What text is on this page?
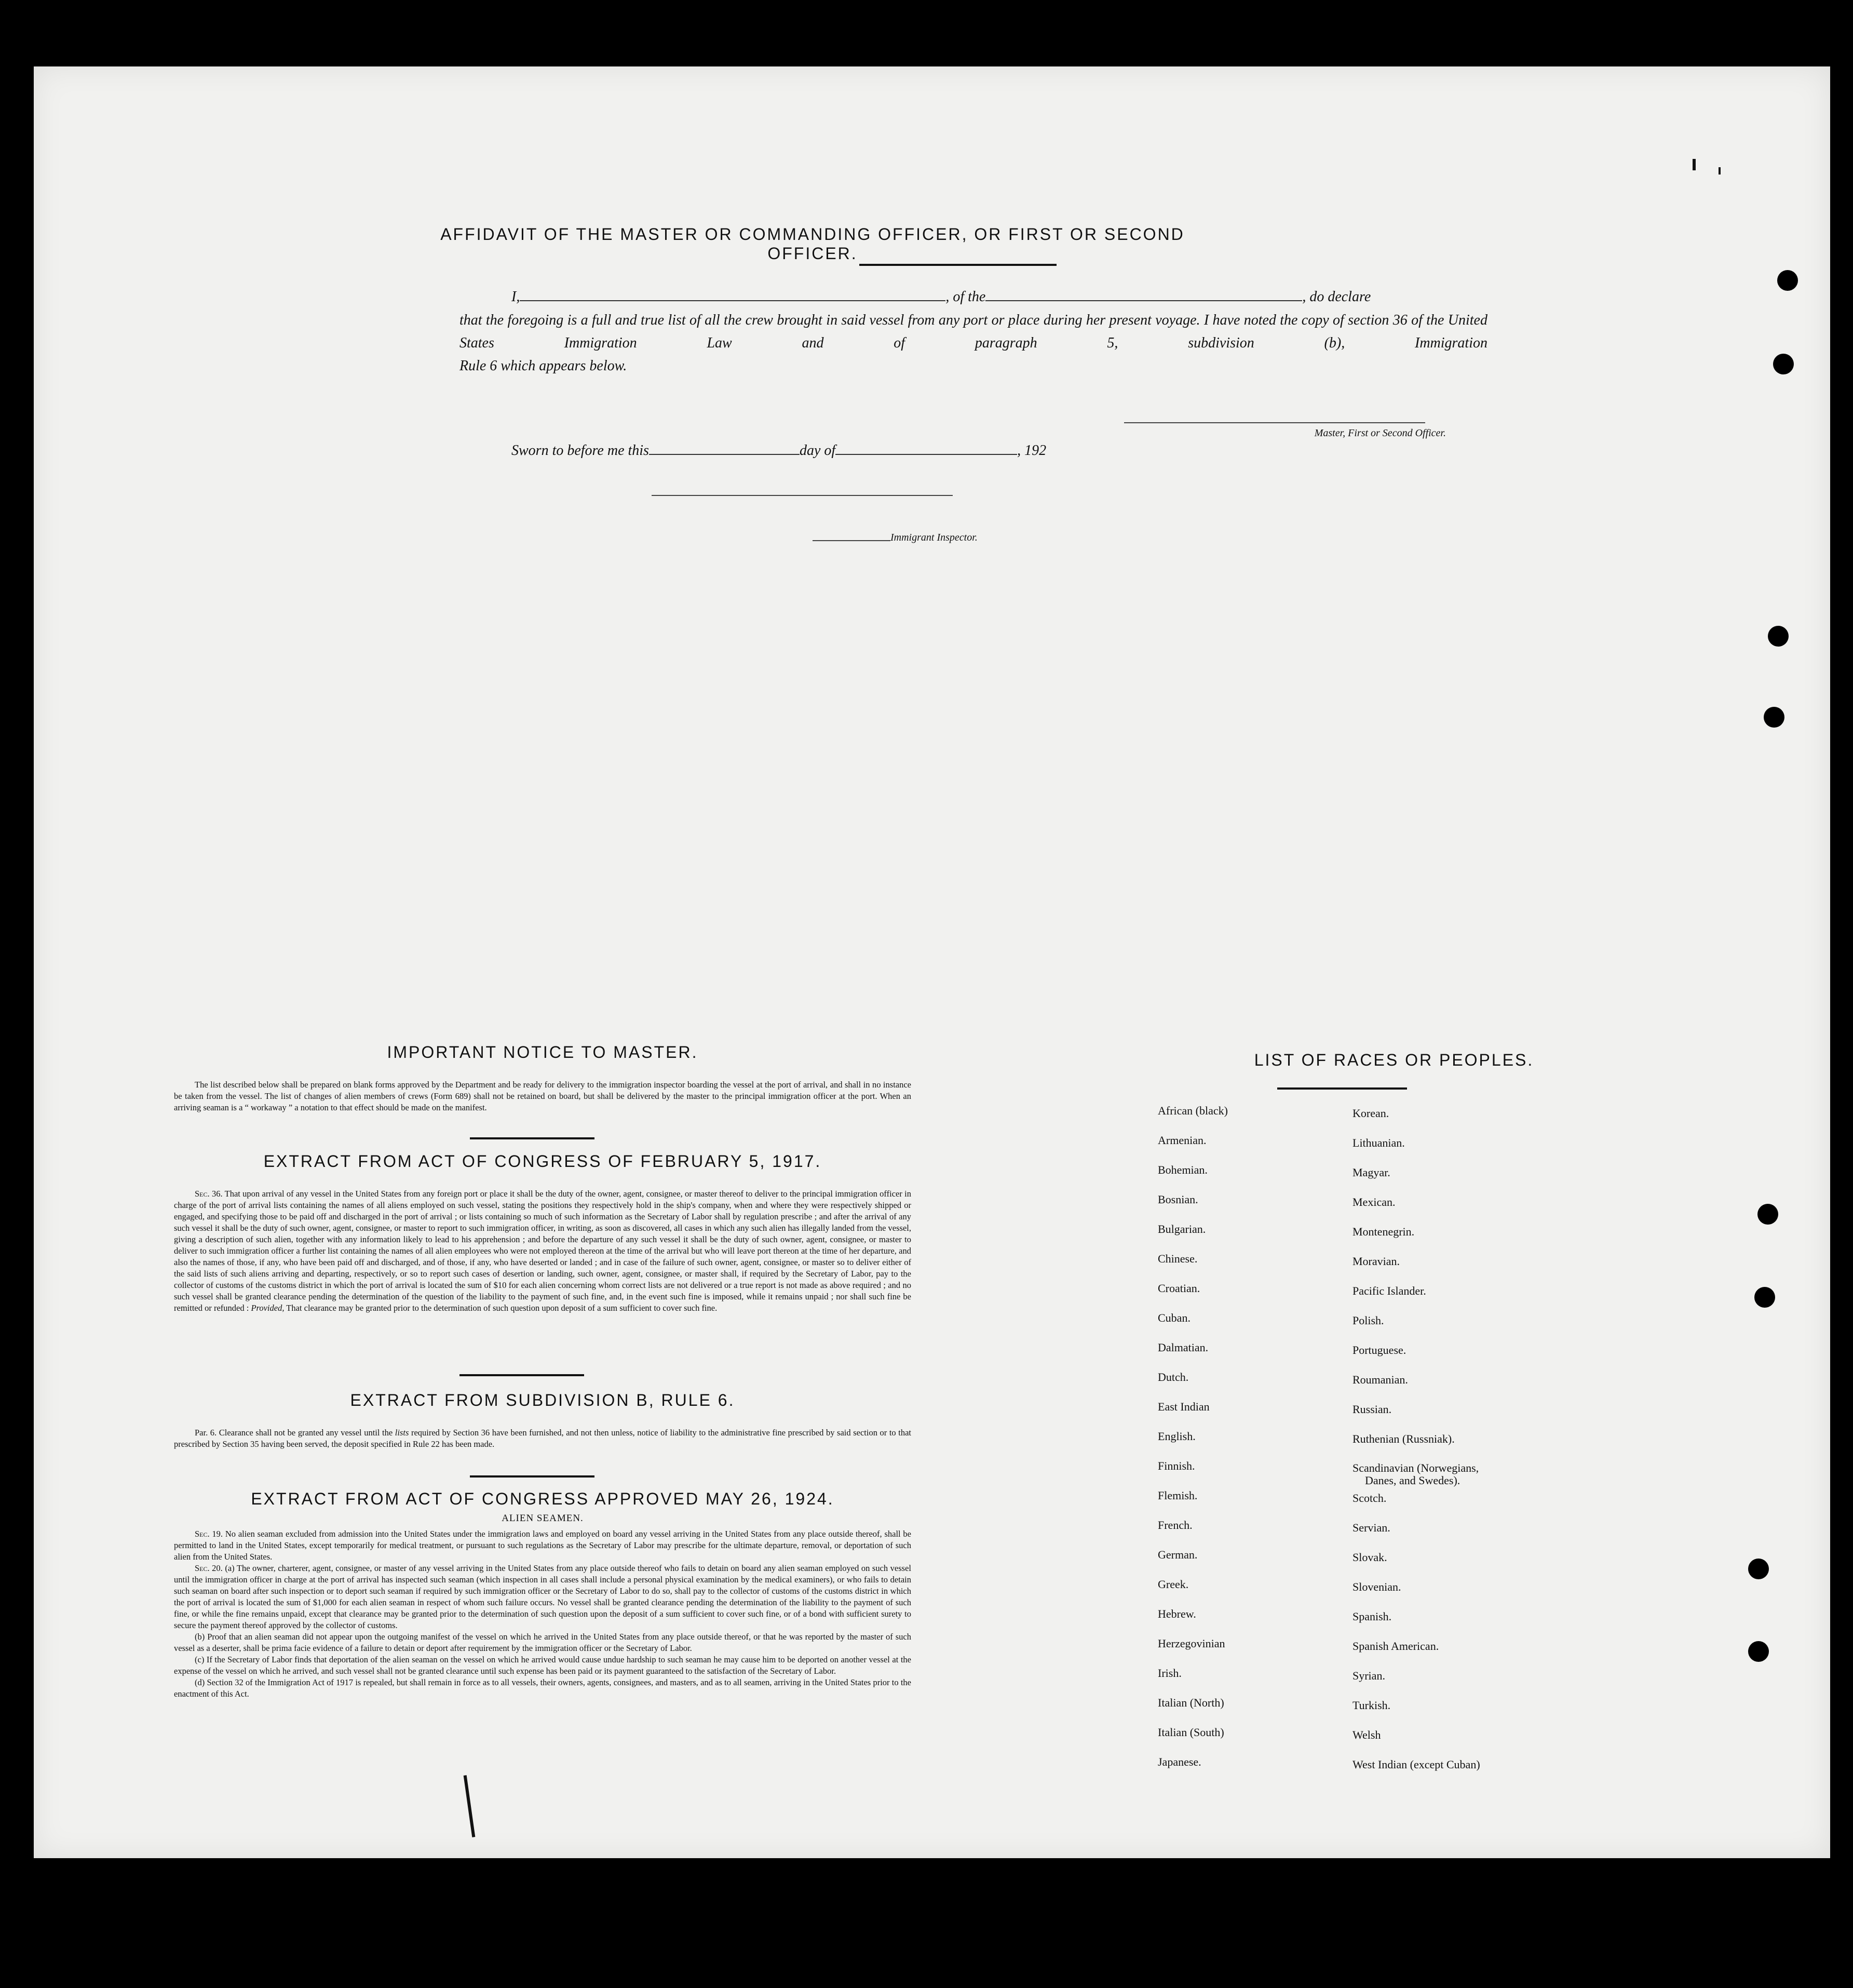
AFFIDAVIT OF THE MASTER OR COMMANDING OFFICER, OR FIRST OR SECOND OFFICER.
I,	, of the	, do declare
that the foregoing is a full and true list of all the crew brought in said vessel from any port or place during her present voyage. I have noted the copy of section 36 of the United States Immigration Law and of paragraph 5, subdivision (b), Immigration
Rule 6 which appears below.
Master, First or Second Officer.
Sworn to before me this	day of	, 192
Immigrant Inspector.
IMPORTANT NOTICE TO MASTER.

The list described below shall be prepared on blank forms approved by the Department and be ready for delivery to the immigration inspector boarding the vessel at the port of arrival, and shall in no instance be taken from the vessel. The list of changes of alien members of crews (Form 689) shall not be retained on board, but shall be delivered by the master to the principal immigration officer at the port. When an arriving seaman is a “ workaway ” a notation to that effect should be made on the manifest.

EXTRACT FROM ACT OF CONGRESS OF FEBRUARY 5, 1917.

Sec. 36. That upon arrival of any vessel in the United States from any foreign port or place it shall be the duty of the owner, agent, consignee, or master thereof to deliver to the principal immigration officer in charge of the port of arrival lists containing the names of all aliens employed on such vessel, stating the positions they respectively hold in the ship's company, when and where they were respectively shipped or engaged, and specifying those to be paid off and discharged in the port of arrival ; or lists containing so much of such information as the Secretary of Labor shall by regulation prescribe ; and after the arrival of any such vessel it shall be the duty of such owner, agent, consignee, or master to report to such immigration officer, in writing, as soon as discovered, all cases in which any such alien has illegally landed from the vessel, giving a description of such alien, together with any information likely to lead to his apprehension ; and before the departure of any such vessel it shall be the duty of such owner, agent, consignee, or master to deliver to such immigration officer a further list containing the names of all alien employees who were not employed thereon at the time of the arrival but who will leave port thereon at the time of her departure, and also the names of those, if any, who have been paid off and discharged, and of those, if any, who have deserted or landed ; and in case of the failure of such owner, agent, consignee, or master so to deliver either of the said lists of such aliens arriving and departing, respectively, or so to report such cases of desertion or landing, such owner, agent, consignee, or master shall, if required by the Secretary of Labor, pay to the collector of customs of the customs district in which the port of arrival is located the sum of $10 for each alien concerning whom correct lists are not delivered or a true report is not made as above required ; and no such vessel shall be granted clearance pending the determination of the question of the liability to the payment of such fine, and, in the event such fine is imposed, while it remains unpaid ; nor shall such fine be remitted or refunded : Provided, That clearance may be granted prior to the determination of such question upon deposit of a sum sufficient to cover such fine.

EXTRACT FROM SUBDIVISION B, RULE 6.

Par. 6. Clearance shall not be granted any vessel until the lists required by Section 36 have been furnished, and not then unless, notice of liability to the administrative fine prescribed by said section or to that prescribed by Section 35 having been served, the deposit specified in Rule 22 has been made.

EXTRACT FROM ACT OF CONGRESS APPROVED MAY 26, 1924.
ALIEN SEAMEN.

Sec. 19. No alien seaman excluded from admission into the United States under the immigration laws and employed on board any vessel arriving in the United States from any place outside thereof, shall be permitted to land in the United States, except temporarily for medical treatment, or pursuant to such regulations as the Secretary of Labor may prescribe for the ultimate departure, removal, or deportation of such alien from the United States.

Sec. 20. (a) The owner, charterer, agent, consignee, or master of any vessel arriving in the United States from any place outside thereof who fails to detain on board any alien seaman employed on such vessel until the immigration officer in charge at the port of arrival has inspected such seaman (which inspection in all cases shall include a personal physical examination by the medical examiners), or who fails to detain such seaman on board after such inspection or to deport such seaman if required by such immigration officer or the Secretary of Labor to do so, shall pay to the collector of customs of the customs district in which the port of arrival is located the sum of $1,000 for each alien seaman in respect of whom such failure occurs. No vessel shall be granted clearance pending the determination of the liability to the payment of such fine, or while the fine remains unpaid, except that clearance may be granted prior to the determination of such question upon the deposit of a sum sufficient to cover such fine, or of a bond with sufficient surety to secure the payment thereof approved by the collector of customs.

(b) Proof that an alien seaman did not appear upon the outgoing manifest of the vessel on which he arrived in the United States from any place outside thereof, or that he was reported by the master of such vessel as a deserter, shall be prima facie evidence of a failure to detain or deport after requirement by the immigration officer or the Secretary of Labor.

(c) If the Secretary of Labor finds that deportation of the alien seaman on the vessel on which he arrived would cause undue hardship to such seaman he may cause him to be deported on another vessel at the expense of the vessel on which he arrived, and such vessel shall not be granted clearance until such expense has been paid or its payment guaranteed to the satisfaction of the Secretary of Labor.

(d) Section 32 of the Immigration Act of 1917 is repealed, but shall remain in force as to all vessels, their owners, agents, consignees, and masters, and as to all seamen, arriving in the United States prior to the enactment of this Act.

LIST OF RACES OR PEOPLES.
African (black)
Armenian.
Bohemian.
Bosnian.
Bulgarian.
Chinese.
Croatian.
Cuban.
Dalmatian.
Dutch.
East Indian
English.
Finnish.
Flemish.
French.
German.
Greek.
Hebrew.
Herzegovinian
Irish.
Italian (North)
Italian (South)
Japanese.
Korean.
Lithuanian.
Magyar.
Mexican.
Montenegrin.
Moravian.
Pacific Islander.
Polish.
Portuguese.
Roumanian.
Russian.
Ruthenian (Russniak).
Scandinavian (Norwegians,
Danes, and Swedes).
Scotch.
Servian.
Slovak.
Slovenian.
Spanish.
Spanish American.
Syrian.
Turkish.
Welsh
West Indian (except Cuban)
